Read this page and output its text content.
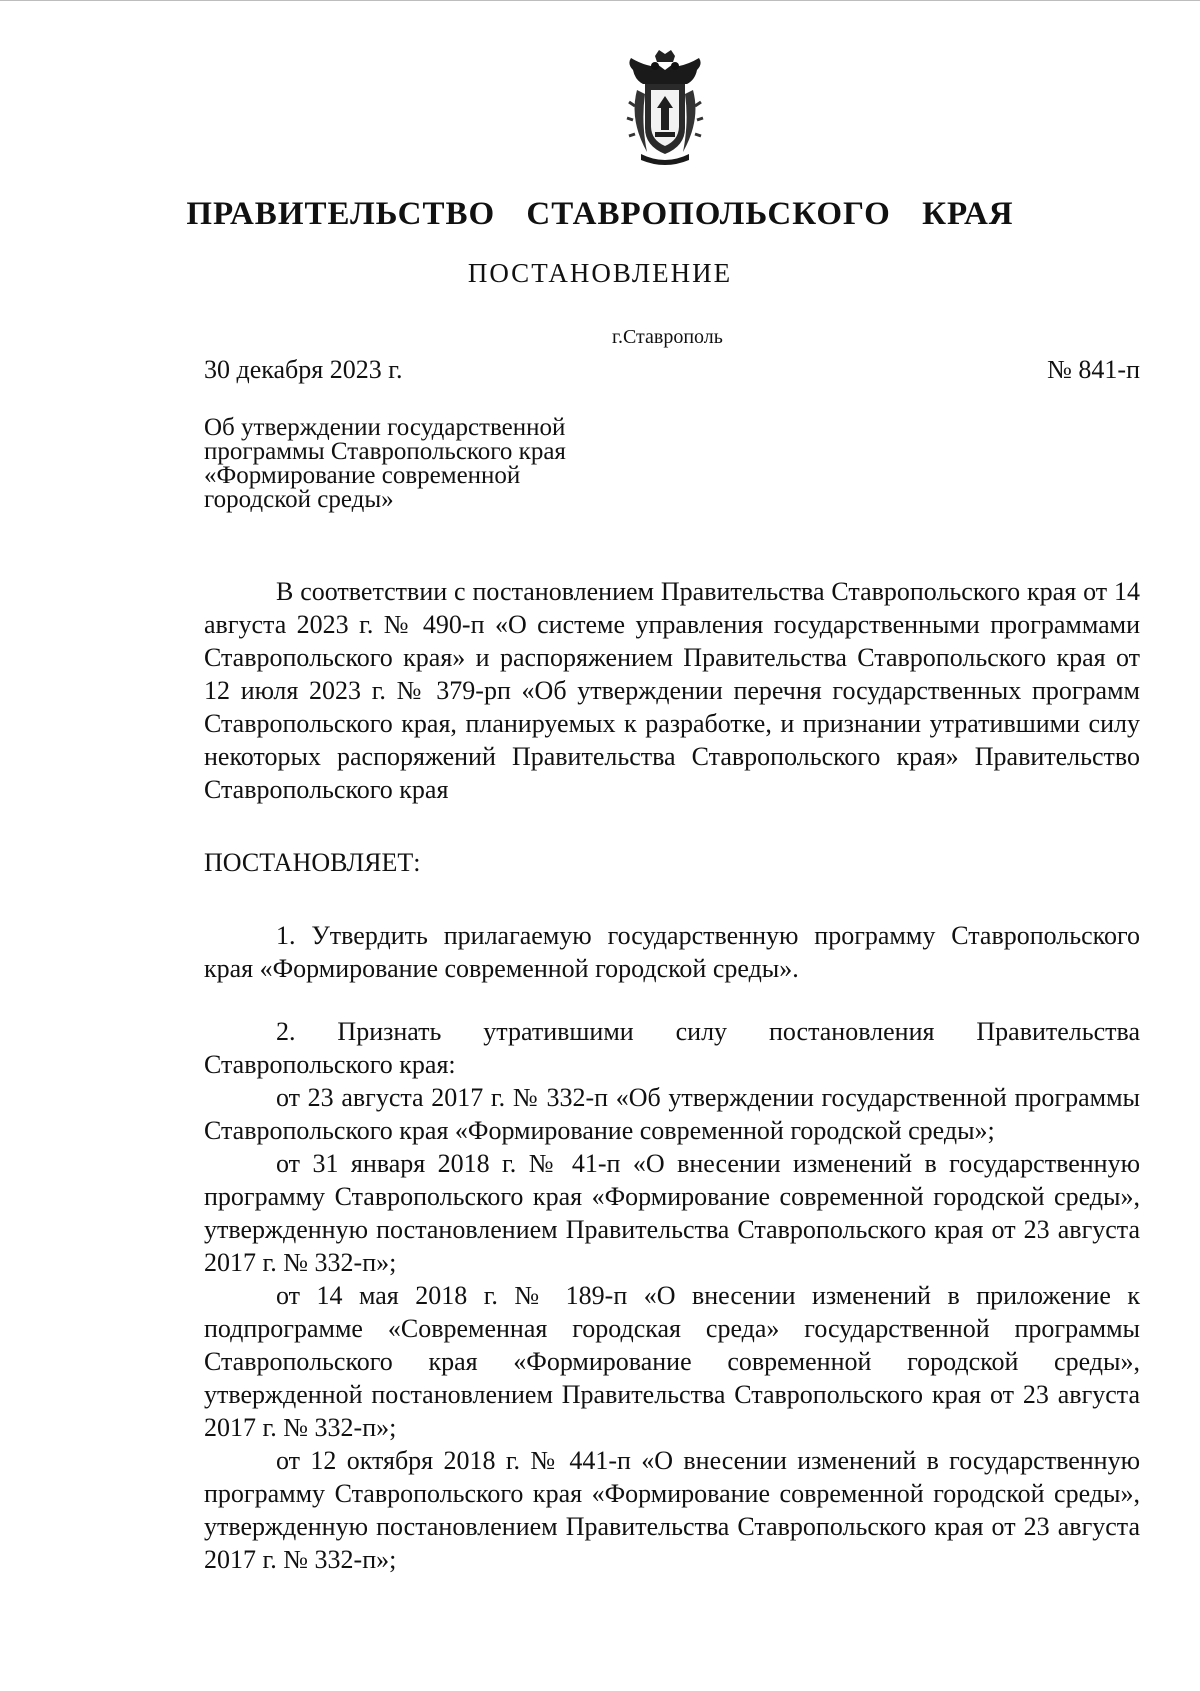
ПРАВИТЕЛЬСТВО СТАВРОПОЛЬСКОГО КРАЯ
ПОСТАНОВЛЕНИЕ
г.Ставрополь
30 декабря 2023 г.	№ 841-п
Об утверждении государственной
программы Ставропольского края
«Формирование современной
городской среды»

В соответствии с постановлением Правительства Ставропольского края от 14 августа 2023 г. № 490-п «О системе управления государственными программами Ставропольского края» и распоряжением Правительства Ставропольского края от 12 июля 2023 г. № 379-рп «Об утверждении перечня государственных программ Ставропольского края, планируемых к разработке, и признании утратившими силу некоторых распоряжений Правительства Ставропольского края» Правительство Ставропольского края

ПОСТАНОВЛЯЕТ:

1. Утвердить прилагаемую государственную программу Ставропольского края «Формирование современной городской среды».

2. Признать утратившими силу постановления Правительства Ставропольского края:

от 23 августа 2017 г. № 332-п «Об утверждении государственной программы Ставропольского края «Формирование современной городской среды»;

от 31 января 2018 г. № 41-п «О внесении изменений в государственную программу Ставропольского края «Формирование современной городской среды», утвержденную постановлением Правительства Ставропольского края от 23 августа 2017 г. № 332-п»;

от 14 мая 2018 г. № 189-п «О внесении изменений в приложение к подпрограмме «Современная городская среда» государственной программы Ставропольского края «Формирование современной городской среды», утвержденной постановлением Правительства Ставропольского края от 23 августа 2017 г. № 332-п»;

от 12 октября 2018 г. № 441-п «О внесении изменений в государственную программу Ставропольского края «Формирование современной городской среды», утвержденную постановлением Правительства Ставропольского края от 23 августа 2017 г. № 332-п»;
